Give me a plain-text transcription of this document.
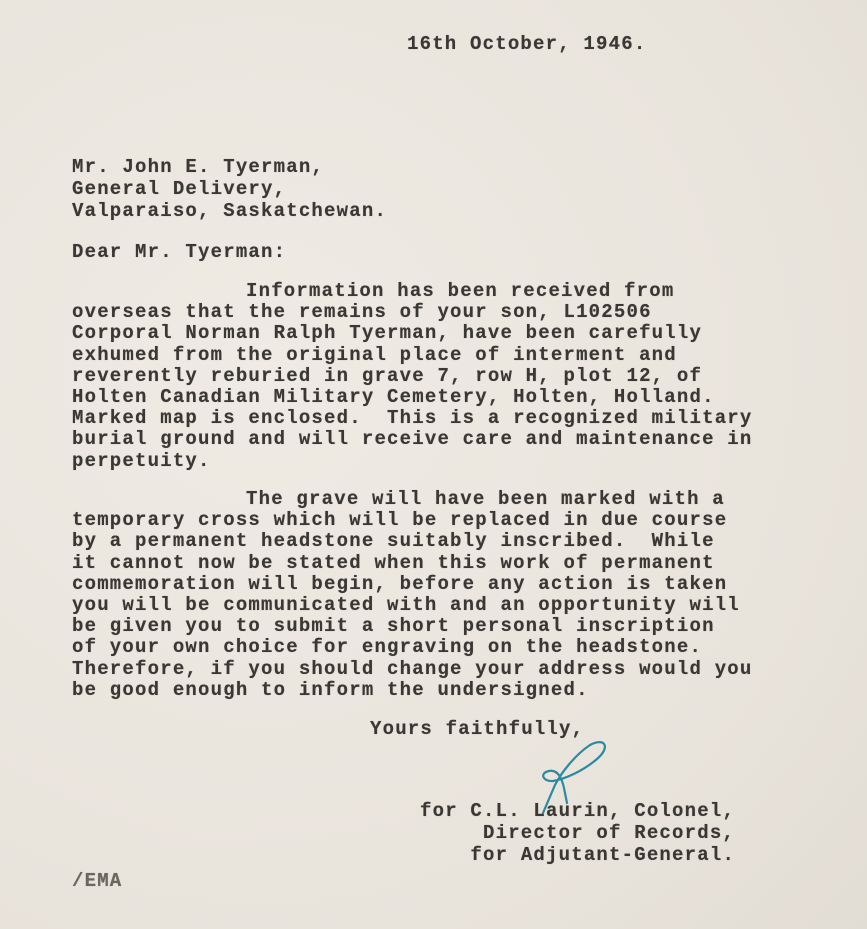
16th October, 1946.
Mr. John E. Tyerman,
General Delivery,
Valparaiso, Saskatchewan.
Dear Mr. Tyerman:
Information has been received from
overseas that the remains of your son, L102506
Corporal Norman Ralph Tyerman, have been carefully
exhumed from the original place of interment and
reverently reburied in grave 7, row H, plot 12, of
Holten Canadian Military Cemetery, Holten, Holland.
Marked map is enclosed.  This is a recognized military
burial ground and will receive care and maintenance in
perpetuity.
The grave will have been marked with a
temporary cross which will be replaced in due course
by a permanent headstone suitably inscribed.  While
it cannot now be stated when this work of permanent
commemoration will begin, before any action is taken
you will be communicated with and an opportunity will
be given you to submit a short personal inscription
of your own choice for engraving on the headstone.
Therefore, if you should change your address would you
be good enough to inform the undersigned.
Yours faithfully,
for C.L. Laurin, Colonel,
Director of Records,
for Adjutant-General.
/EMA
